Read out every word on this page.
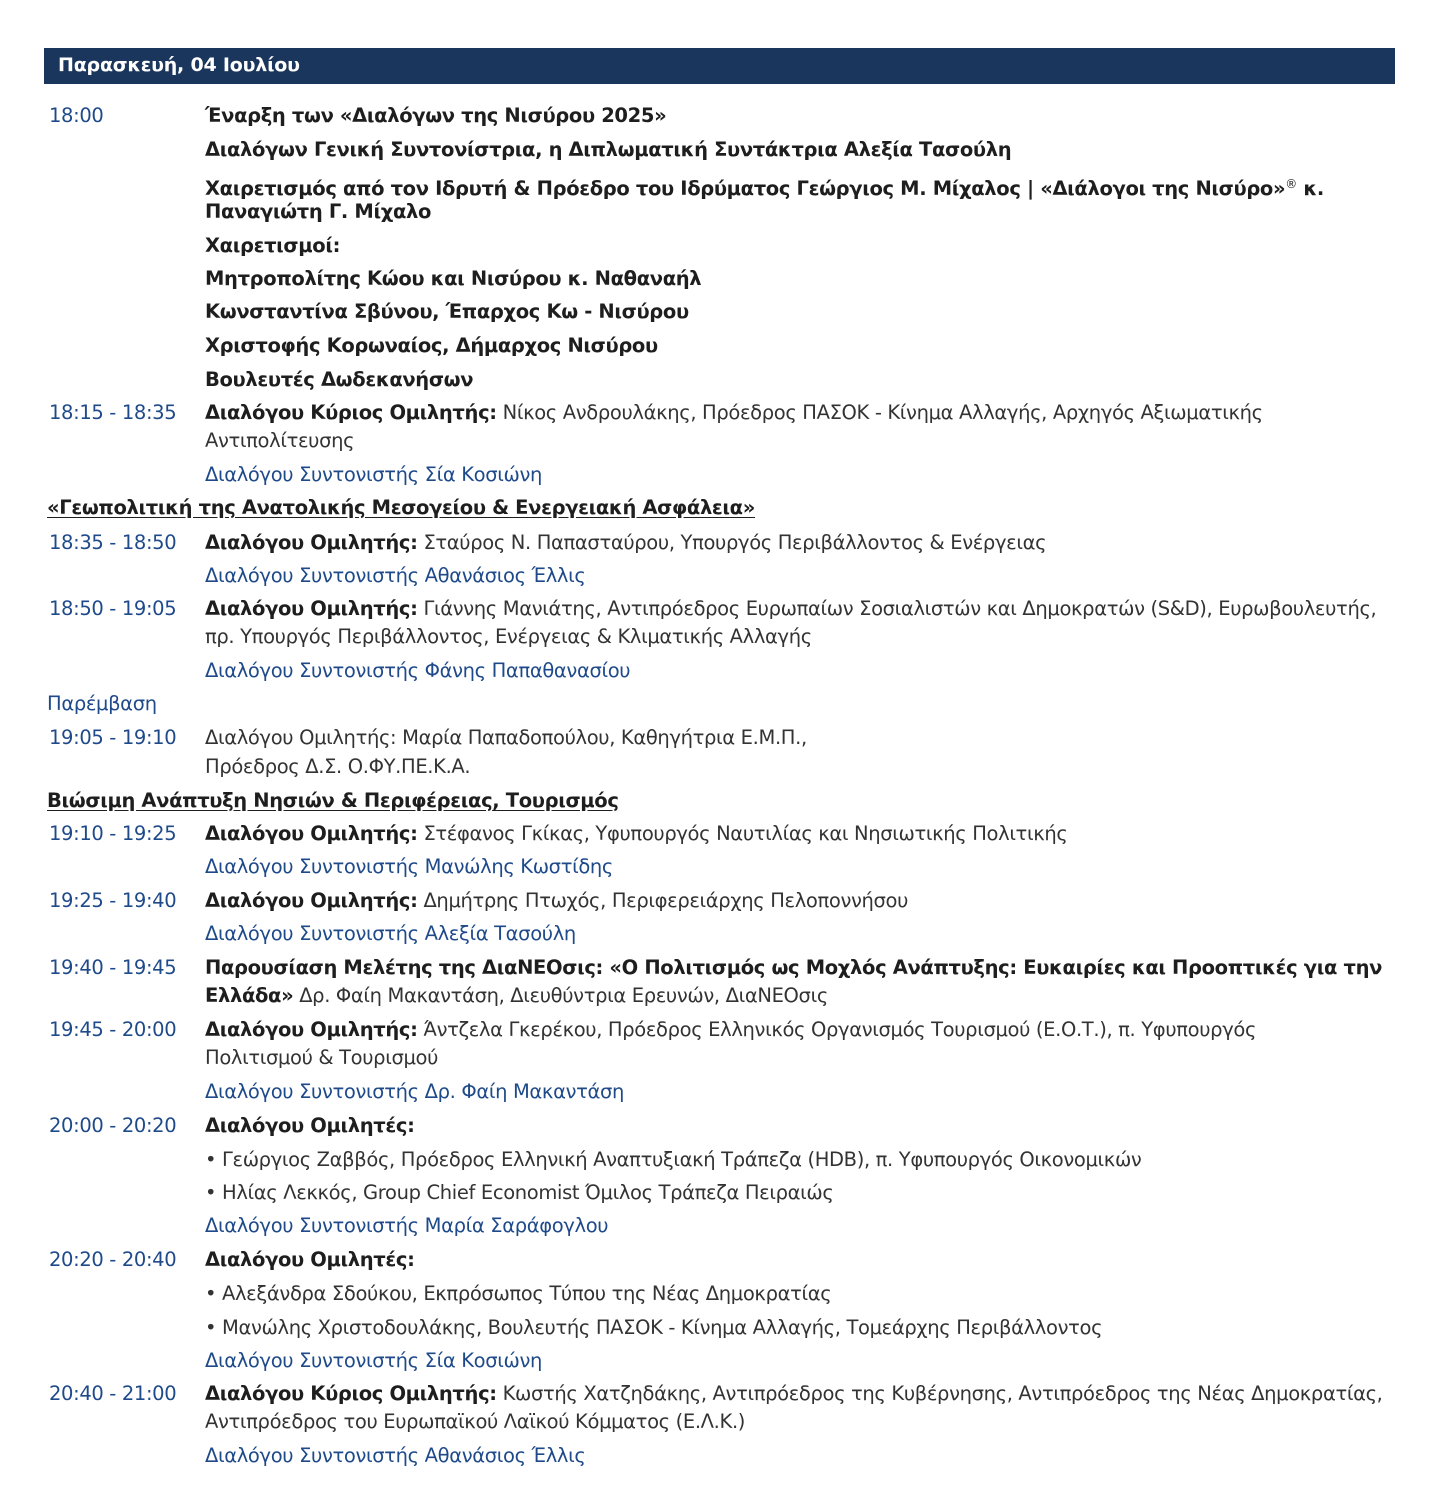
Παρασκευή, 04 Ιουλίου
18:00	Έναρξη των «Διαλόγων της Νισύρου 2025»
Διαλόγων Γενική Συντονίστρια, η Διπλωματική Συντάκτρια Αλεξία Τασούλη
Χαιρετισμός από τον Ιδρυτή & Πρόεδρο του Ιδρύματος Γεώργιος Μ. Μίχαλος | «Διάλογοι της Νισύρο»® κ.
Παναγιώτη Γ. Μίχαλο
Χαιρετισμοί:
Μητροπολίτης Κώου και Νισύρου κ. Ναθαναήλ
Κωνσταντίνα Σβύνου, Έπαρχος Κω - Νισύρου
Χριστοφής Κορωναίος, Δήμαρχος Νισύρου
Βουλευτές Δωδεκανήσων
18:15 - 18:35 Διαλόγου Κύριος Ομιλητής: Νίκος Ανδρουλάκης, Πρόεδρος ΠΑΣΟΚ - Κίνημα Αλλαγής, Αρχηγός Αξιωματικής
Αντιπολίτευσης
Διαλόγου Συντονιστής Σία Κοσιώνη
«Γεωπολιτική της Ανατολικής Μεσογείου & Ενεργειακή Ασφάλεια»
18:35 - 18:50 Διαλόγου Ομιλητής: Σταύρος Ν. Παπασταύρου, Υπουργός Περιβάλλοντος & Ενέργειας
Διαλόγου Συντονιστής Αθανάσιος Έλλις
18:50 - 19:05 Διαλόγου Ομιλητής: Γιάννης Μανιάτης, Αντιπρόεδρος Ευρωπαίων Σοσιαλιστών και Δημοκρατών (S&D), Ευρωβουλευτής,
πρ. Υπουργός Περιβάλλοντος, Ενέργειας & Κλιματικής Αλλαγής
Διαλόγου Συντονιστής Φάνης Παπαθανασίου
Παρέμβαση
19:05 - 19:10 Διαλόγου Ομιλητής: Μαρία Παπαδοπούλου, Καθηγήτρια Ε.Μ.Π.,
Πρόεδρος Δ.Σ. Ο.ΦΥ.ΠΕ.Κ.Α.
Βιώσιμη Ανάπτυξη Νησιών & Περιφέρειας, Τουρισμός
19:10 - 19:25 Διαλόγου Ομιλητής: Στέφανος Γκίκας, Υφυπουργός Ναυτιλίας και Νησιωτικής Πολιτικής
Διαλόγου Συντονιστής Μανώλης Κωστίδης
19:25 - 19:40 Διαλόγου Ομιλητής: Δημήτρης Πτωχός, Περιφερειάρχης Πελοποννήσου
Διαλόγου Συντονιστής Αλεξία Τασούλη
19:40 - 19:45 Παρουσίαση Μελέτης της ΔιαΝΕΟσις: «Ο Πολιτισμός ως Μοχλός Ανάπτυξης: Ευκαιρίες και Προοπτικές για την
Ελλάδα» Δρ. Φαίη Μακαντάση, Διευθύντρια Ερευνών, ΔιαΝΕΟσις
19:45 - 20:00 Διαλόγου Ομιλητής: Άντζελα Γκερέκου, Πρόεδρος Ελληνικός Οργανισμός Τουρισμού (Ε.Ο.Τ.), π. Υφυπουργός
Πολιτισμού & Τουρισμού
Διαλόγου Συντονιστής Δρ. Φαίη Μακαντάση
20:00 - 20:20 Διαλόγου Ομιλητές:
• Γεώργιος Ζαββός, Πρόεδρος Ελληνική Αναπτυξιακή Τράπεζα (HDB), π. Υφυπουργός Οικονομικών
• Ηλίας Λεκκός, Group Chief Economist Όμιλος Τράπεζα Πειραιώς
Διαλόγου Συντονιστής Μαρία Σαράφογλου
20:20 - 20:40 Διαλόγου Ομιλητές:
• Αλεξάνδρα Σδούκου, Εκπρόσωπος Τύπου της Νέας Δημοκρατίας
• Μανώλης Χριστοδουλάκης, Βουλευτής ΠΑΣΟΚ - Κίνημα Αλλαγής, Τομεάρχης Περιβάλλοντος
Διαλόγου Συντονιστής Σία Κοσιώνη
20:40 - 21:00 Διαλόγου Κύριος Ομιλητής: Κωστής Χατζηδάκης, Αντιπρόεδρος της Κυβέρνησης, Αντιπρόεδρος της Νέας Δημοκρατίας,
Αντιπρόεδρος του Ευρωπαϊκού Λαϊκού Κόμματος (Ε.Λ.Κ.)
Διαλόγου Συντονιστής Αθανάσιος Έλλις
